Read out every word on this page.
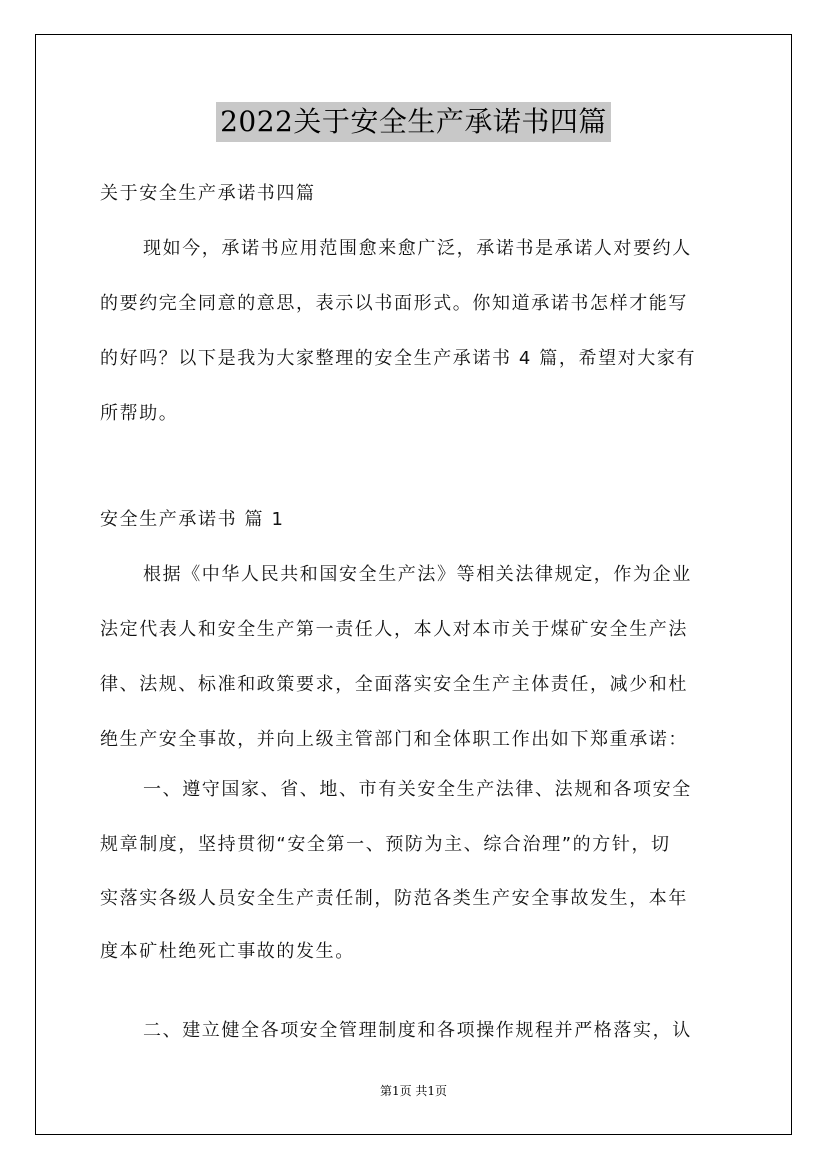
2022关于安全生产承诺书四篇
关于安全生产承诺书四篇
现如今，承诺书应用范围愈来愈广泛，承诺书是承诺人对要约人
的要约完全同意的意思，表示以书面形式。你知道承诺书怎样才能写
的好吗？以下是我为大家整理的安全生产承诺书 4 篇，希望对大家有
所帮助。
安全生产承诺书 篇 1
根据《中华人民共和国安全生产法》等相关法律规定，作为企业
法定代表人和安全生产第一责任人，本人对本市关于煤矿安全生产法
律、法规、标准和政策要求，全面落实安全生产主体责任，减少和杜
绝生产安全事故，并向上级主管部门和全体职工作出如下郑重承诺：
一、遵守国家、省、地、市有关安全生产法律、法规和各项安全
规章制度，坚持贯彻“安全第一、预防为主、综合治理”的方针，切
实落实各级人员安全生产责任制，防范各类生产安全事故发生，本年
度本矿杜绝死亡事故的发生。
二、建立健全各项安全管理制度和各项操作规程并严格落实，认
第1页 共1页
